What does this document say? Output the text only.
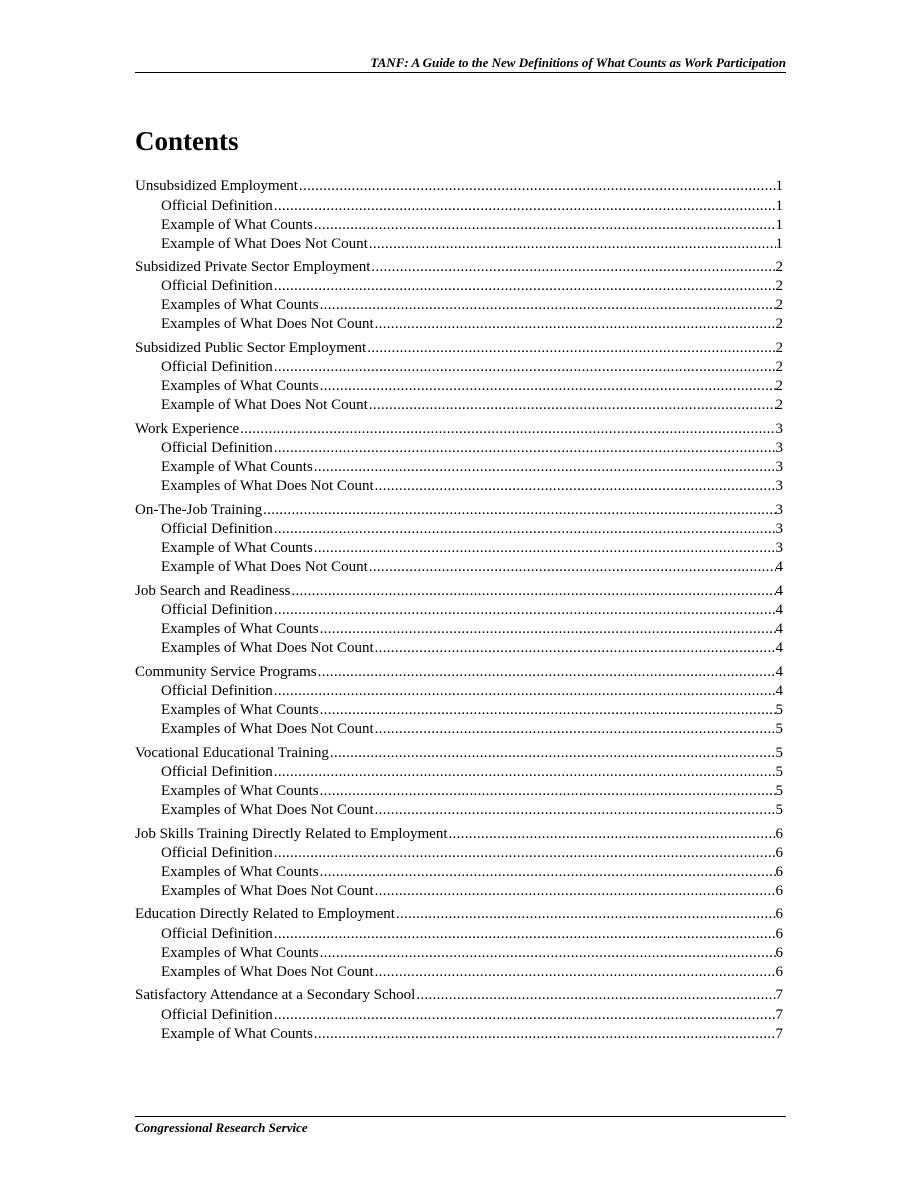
TANF: A Guide to the New Definitions of What Counts as Work Participation
Contents
Unsubsidized Employment .....	1
Official Definition .....	1
Example of What Counts .....	1
Example of What Does Not Count .....	1
Subsidized Private Sector Employment .....	2
Official Definition .....	2
Examples of What Counts .....	2
Examples of What Does Not Count .....	2
Subsidized Public Sector Employment .....	2
Official Definition .....	2
Examples of What Counts .....	2
Example of What Does Not Count .....	2
Work Experience .....	3
Official Definition .....	3
Example of What Counts .....	3
Examples of What Does Not Count .....	3
On-The-Job Training .....	3
Official Definition .....	3
Example of What Counts .....	3
Example of What Does Not Count .....	4
Job Search and Readiness .....	4
Official Definition .....	4
Examples of What Counts .....	4
Examples of What Does Not Count .....	4
Community Service Programs .....	4
Official Definition .....	4
Examples of What Counts .....	5
Examples of What Does Not Count .....	5
Vocational Educational Training .....	5
Official Definition .....	5
Examples of What Counts .....	5
Examples of What Does Not Count .....	5
Job Skills Training Directly Related to Employment .....	6
Official Definition .....	6
Examples of What Counts .....	6
Examples of What Does Not Count .....	6
Education Directly Related to Employment .....	6
Official Definition .....	6
Examples of What Counts .....	6
Examples of What Does Not Count .....	6
Satisfactory Attendance at a Secondary School .....	7
Official Definition .....	7
Example of What Counts .....	7
Congressional Research Service
